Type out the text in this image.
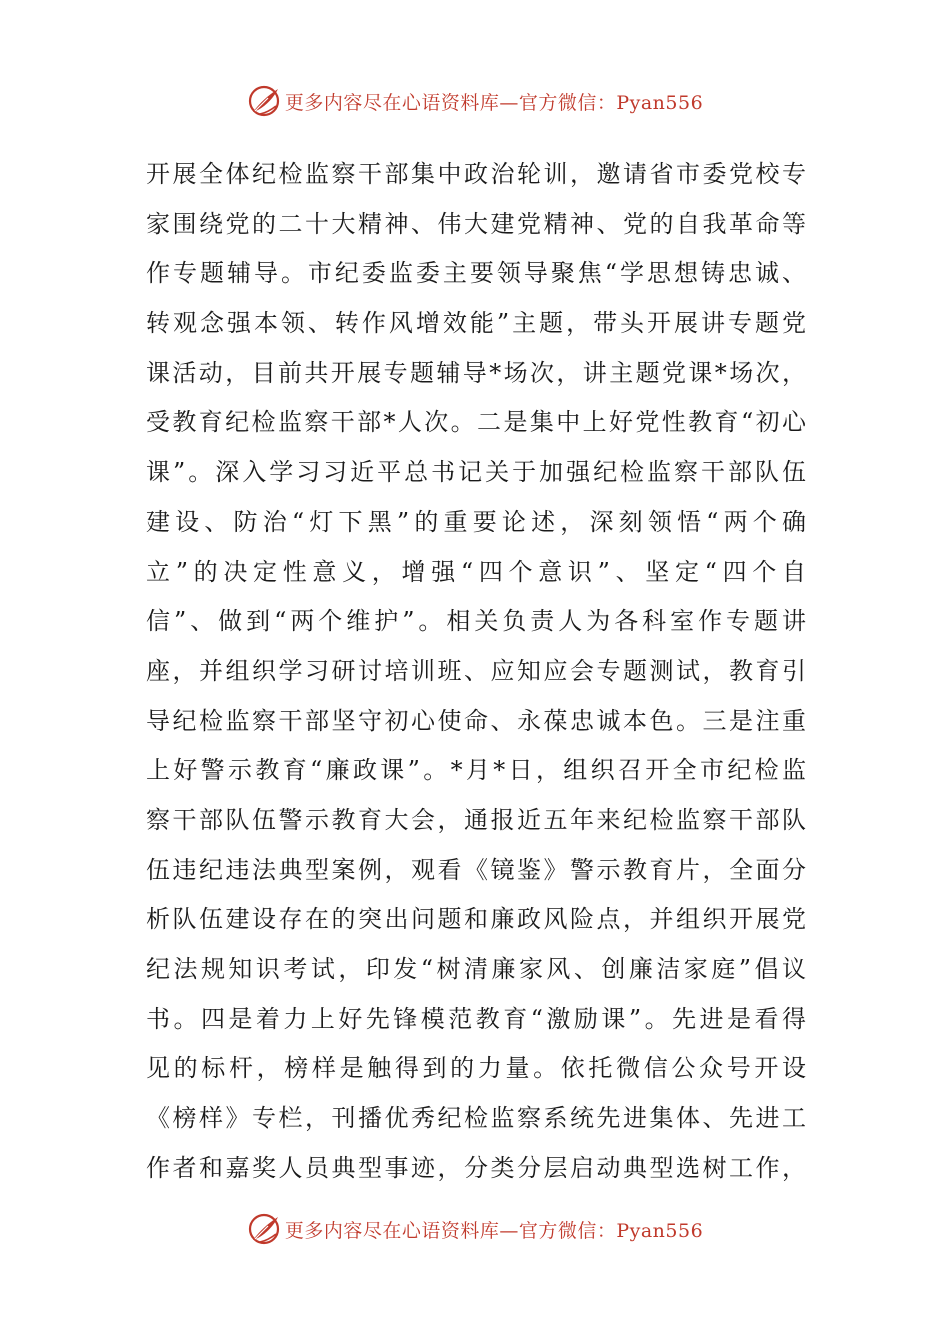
更多内容尽在心语资料库—官方微信：Pyan556
开展全体纪检监察干部集中政治轮训，邀请省市委党校专
家围绕党的二十大精神、伟大建党精神、党的自我革命等
作专题辅导。市纪委监委主要领导聚焦“学思想铸忠诚、
转观念强本领、转作风增效能”主题，带头开展讲专题党
课活动，目前共开展专题辅导*场次，讲主题党课*场次，
受教育纪检监察干部*人次。二是集中上好党性教育“初心
课”。深入学习习近平总书记关于加强纪检监察干部队伍
建设、防治“灯下黑”的重要论述，深刻领悟“两个确
立”的决定性意义，增强“四个意识”、坚定“四个自
信”、做到“两个维护”。相关负责人为各科室作专题讲
座，并组织学习研讨培训班、应知应会专题测试，教育引
导纪检监察干部坚守初心使命、永葆忠诚本色。三是注重
上好警示教育“廉政课”。*月*日，组织召开全市纪检监
察干部队伍警示教育大会，通报近五年来纪检监察干部队
伍违纪违法典型案例，观看《镜鉴》警示教育片，全面分
析队伍建设存在的突出问题和廉政风险点，并组织开展党
纪法规知识考试，印发“树清廉家风、创廉洁家庭”倡议
书。四是着力上好先锋模范教育“激励课”。先进是看得
见的标杆，榜样是触得到的力量。依托微信公众号开设
《榜样》专栏，刊播优秀纪检监察系统先进集体、先进工
作者和嘉奖人员典型事迹，分类分层启动典型选树工作，
更多内容尽在心语资料库—官方微信：Pyan556
